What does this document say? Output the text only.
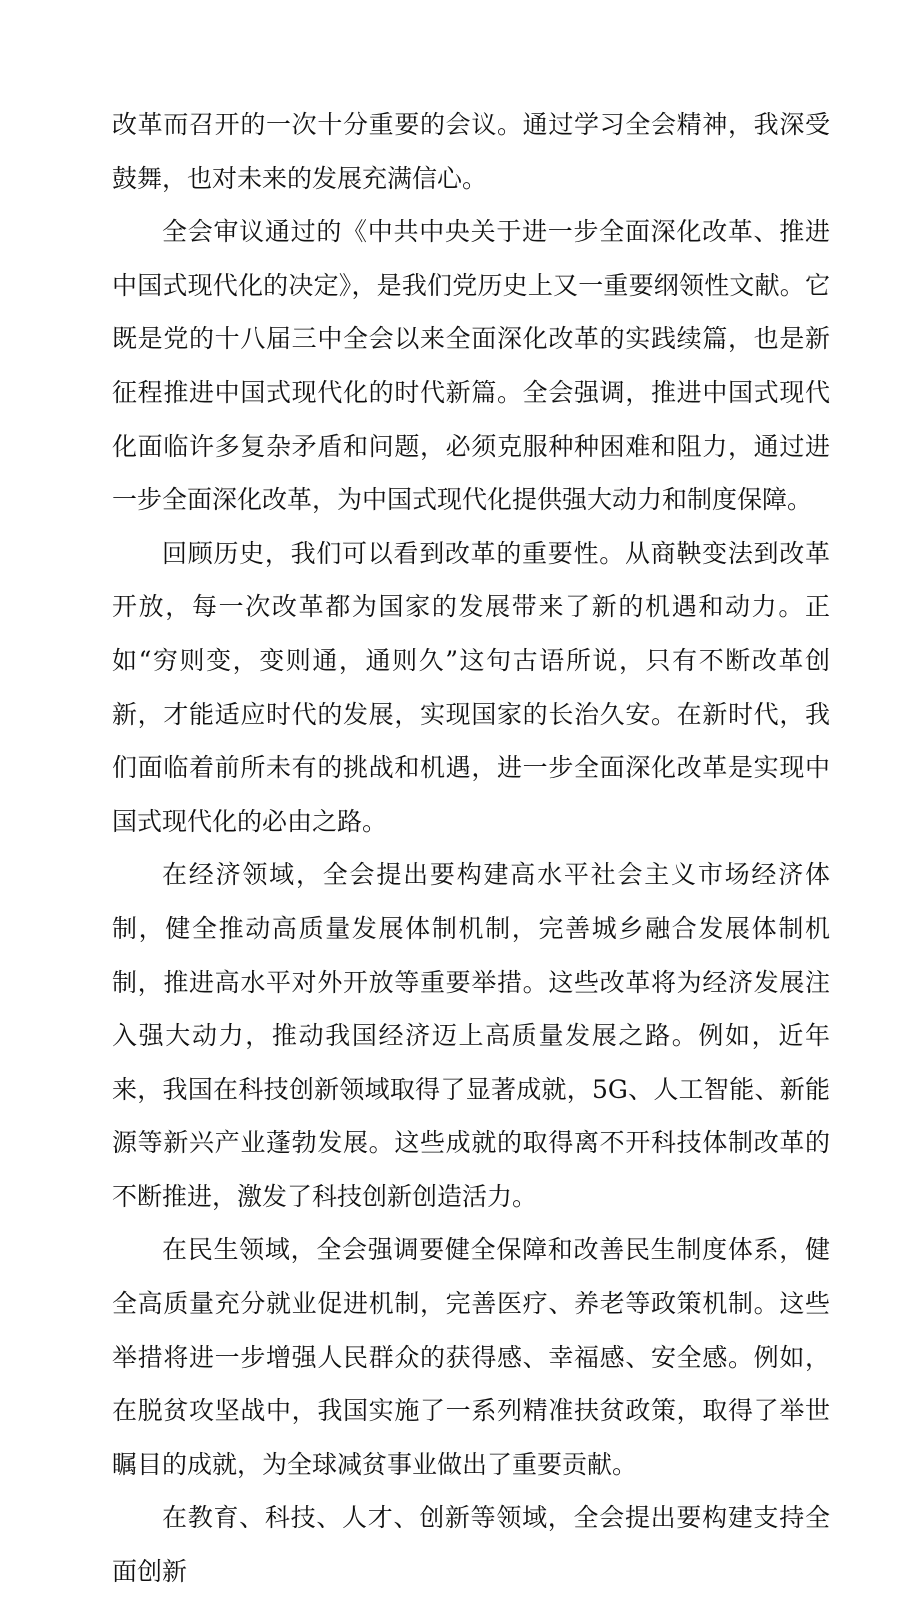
改革而召开的一次十分重要的会议。通过学习全会精神，我深受鼓舞，也对未来的发展充满信心。

全会审议通过的《中共中央关于进一步全面深化改革、推进中国式现代化的决定》，是我们党历史上又一重要纲领性文献。它既是党的十八届三中全会以来全面深化改革的实践续篇，也是新征程推进中国式现代化的时代新篇。全会强调，推进中国式现代化面临许多复杂矛盾和问题，必须克服种种困难和阻力，通过进一步全面深化改革，为中国式现代化提供强大动力和制度保障。

回顾历史，我们可以看到改革的重要性。从商鞅变法到改革开放，每一次改革都为国家的发展带来了新的机遇和动力。正如“穷则变，变则通，通则久”这句古语所说，只有不断改革创新，才能适应时代的发展，实现国家的长治久安。在新时代，我们面临着前所未有的挑战和机遇，进一步全面深化改革是实现中国式现代化的必由之路。

在经济领域，全会提出要构建高水平社会主义市场经济体制，健全推动高质量发展体制机制，完善城乡融合发展体制机制，推进高水平对外开放等重要举措。这些改革将为经济发展注入强大动力，推动我国经济迈上高质量发展之路。例如，近年来，我国在科技创新领域取得了显著成就，5G、人工智能、新能源等新兴产业蓬勃发展。这些成就的取得离不开科技体制改革的不断推进，激发了科技创新创造活力。

在民生领域，全会强调要健全保障和改善民生制度体系，健全高质量充分就业促进机制，完善医疗、养老等政策机制。这些举措将进一步增强人民群众的获得感、幸福感、安全感。例如，在脱贫攻坚战中，我国实施了一系列精准扶贫政策，取得了举世瞩目的成就，为全球减贫事业做出了重要贡献。

在教育、科技、人才、创新等领域，全会提出要构建支持全面创新
